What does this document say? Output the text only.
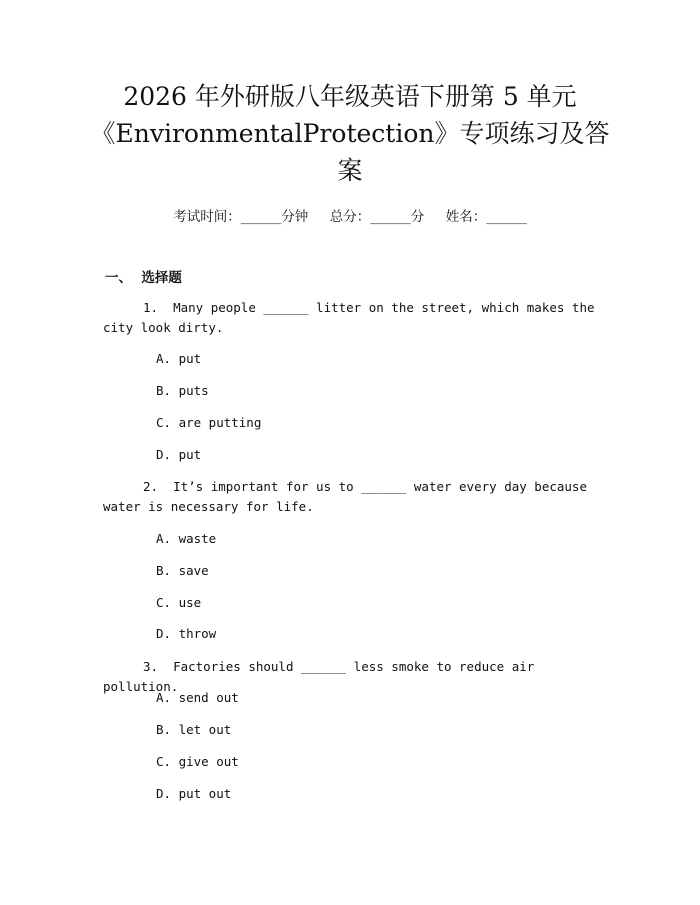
2026 年外研版八年级英语下册第 5 单元
《EnvironmentalProtection》专项练习及答
案
考试时间：______分钟     总分：______分     姓名：______
一、  选择题
1. Many people ______ litter on the street, which makes the city look dirty.
A. put
B. puts
C. are putting
D. put
2. It’s important for us to ______ water every day because water is necessary for life.
A. waste
B. save
C. use
D. throw
3. Factories should ______ less smoke to reduce air pollution.
A. send out
B. let out
C. give out
D. put out
